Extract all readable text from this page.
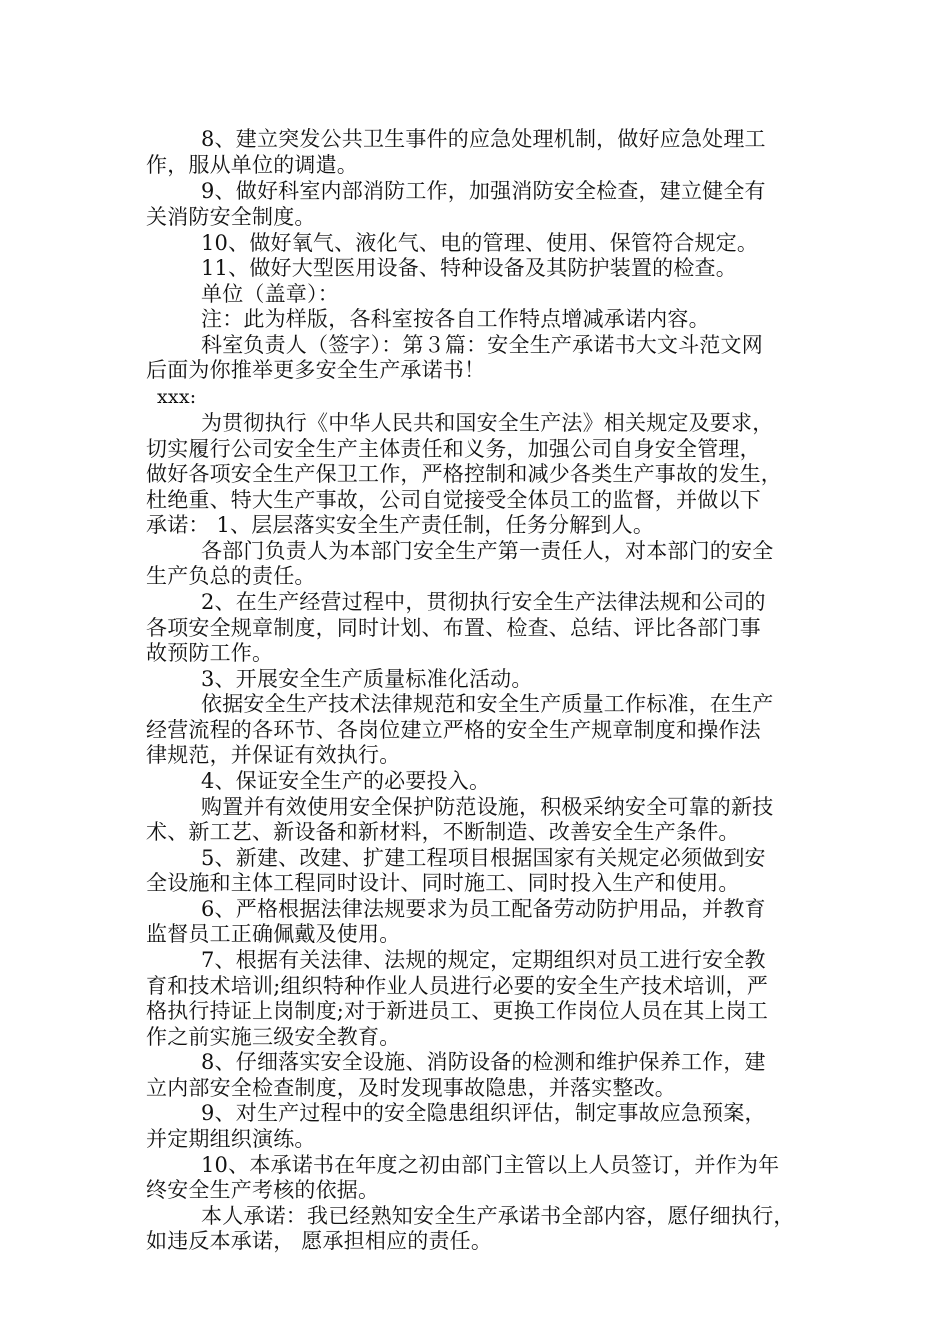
8、建立突发公共卫生事件的应急处理机制，做好应急处理工
作，服从单位的调遣。
9、做好科室内部消防工作，加强消防安全检查，建立健全有
关消防安全制度。
10、做好氧气、液化气、电的管理、使用、保管符合规定。
11、做好大型医用设备、特种设备及其防护装置的检查。
单位（盖章）：
注：此为样版，各科室按各自工作特点增减承诺内容。
科室负责人（签字）：第３篇：安全生产承诺书大文斗范文网
后面为你推举更多安全生产承诺书！
xxx:
为贯彻执行《中华人民共和国安全生产法》相关规定及要求，
切实履行公司安全生产主体责任和义务，加强公司自身安全管理，
做好各项安全生产保卫工作，严格控制和减少各类生产事故的发生，
杜绝重、特大生产事故，公司自觉接受全体员工的监督，并做以下
承诺： 1、层层落实安全生产责任制，任务分解到人。
各部门负责人为本部门安全生产第一责任人，对本部门的安全
生产负总的责任。
2、在生产经营过程中，贯彻执行安全生产法律法规和公司的
各项安全规章制度，同时计划、布置、检查、总结、评比各部门事
故预防工作。
3、开展安全生产质量标准化活动。
依据安全生产技术法律规范和安全生产质量工作标准，在生产
经营流程的各环节、各岗位建立严格的安全生产规章制度和操作法
律规范，并保证有效执行。
4、保证安全生产的必要投入。
购置并有效使用安全保护防范设施，积极采纳安全可靠的新技
术、新工艺、新设备和新材料，不断制造、改善安全生产条件。
5、新建、改建、扩建工程项目根据国家有关规定必须做到安
全设施和主体工程同时设计、同时施工、同时投入生产和使用。
6、严格根据法律法规要求为员工配备劳动防护用品，并教育
监督员工正确佩戴及使用。
7、根据有关法律、法规的规定，定期组织对员工进行安全教
育和技术培训;组织特种作业人员进行必要的安全生产技术培训，严
格执行持证上岗制度;对于新进员工、更换工作岗位人员在其上岗工
作之前实施三级安全教育。
8、仔细落实安全设施、消防设备的检测和维护保养工作，建
立内部安全检查制度，及时发现事故隐患，并落实整改。
9、对生产过程中的安全隐患组织评估，制定事故应急预案，
并定期组织演练。
10、本承诺书在年度之初由部门主管以上人员签订，并作为年
终安全生产考核的依据。
本人承诺：我已经熟知安全生产承诺书全部内容，愿仔细执行，
如违反本承诺， 愿承担相应的责任。
